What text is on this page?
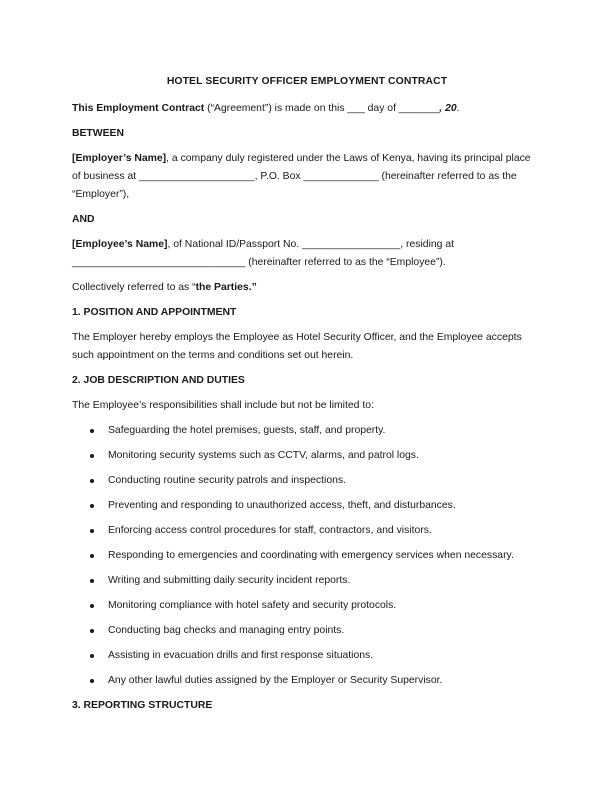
HOTEL SECURITY OFFICER EMPLOYMENT CONTRACT

This Employment Contract (“Agreement”) is made on this ___ day of _______, 20.

BETWEEN

[Employer’s Name], a company duly registered under the Laws of Kenya, having its principal place of business at ____________________, P.O. Box _____________ (hereinafter referred to as the “Employer”),

AND

[Employee’s Name], of National ID/Passport No. _________________, residing at ______________________________ (hereinafter referred to as the “Employee”).

Collectively referred to as “the Parties.”

1. POSITION AND APPOINTMENT

The Employer hereby employs the Employee as Hotel Security Officer, and the Employee accepts such appointment on the terms and conditions set out herein.

2. JOB DESCRIPTION AND DUTIES

The Employee’s responsibilities shall include but not be limited to:

Safeguarding the hotel premises, guests, staff, and property.
Monitoring security systems such as CCTV, alarms, and patrol logs.
Conducting routine security patrols and inspections.
Preventing and responding to unauthorized access, theft, and disturbances.
Enforcing access control procedures for staff, contractors, and visitors.
Responding to emergencies and coordinating with emergency services when necessary.
Writing and submitting daily security incident reports.
Monitoring compliance with hotel safety and security protocols.
Conducting bag checks and managing entry points.
Assisting in evacuation drills and first response situations.
Any other lawful duties assigned by the Employer or Security Supervisor.
3. REPORTING STRUCTURE
